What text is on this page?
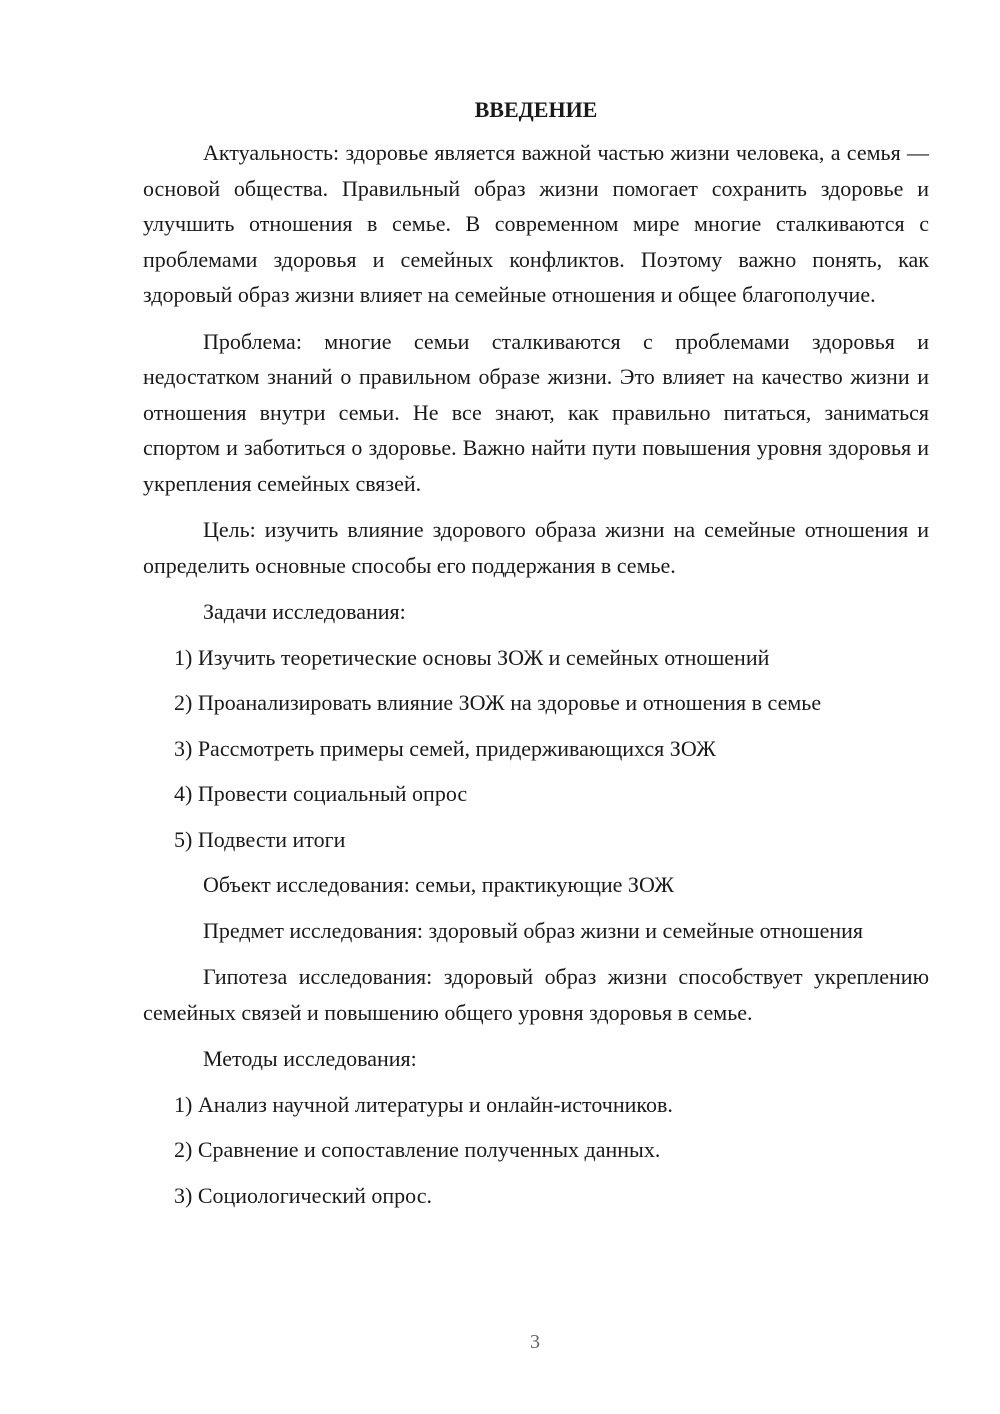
ВВЕДЕНИЕ

Актуальность: здоровье является важной частью жизни человека, а семья — основой общества. Правильный образ жизни помогает сохранить здоровье и улучшить отношения в семье. В современном мире многие сталкиваются с проблемами здоровья и семейных конфликтов. Поэтому важно понять, как здоровый образ жизни влияет на семейные отношения и общее благополучие.

Проблема: многие семьи сталкиваются с проблемами здоровья и недостатком знаний о правильном образе жизни. Это влияет на качество жизни и отношения внутри семьи. Не все знают, как правильно питаться, заниматься спортом и заботиться о здоровье. Важно найти пути повышения уровня здоровья и укрепления семейных связей.

Цель: изучить влияние здорового образа жизни на семейные отношения и определить основные способы его поддержания в семье.

Задачи исследования:
1) Изучить теоретические основы ЗОЖ и семейных отношений
2) Проанализировать влияние ЗОЖ на здоровье и отношения в семье
3) Рассмотреть примеры семей, придерживающихся ЗОЖ
4) Провести социальный опрос
5) Подвести итоги
Объект исследования: семьи, практикующие ЗОЖ

Предмет исследования: здоровый образ жизни и семейные отношения

Гипотеза исследования: здоровый образ жизни способствует укреплению семейных связей и повышению общего уровня здоровья в семье.

Методы исследования:
1) Анализ научной литературы и онлайн-источников.
2) Сравнение и сопоставление полученных данных.
3) Социологический опрос.
3
